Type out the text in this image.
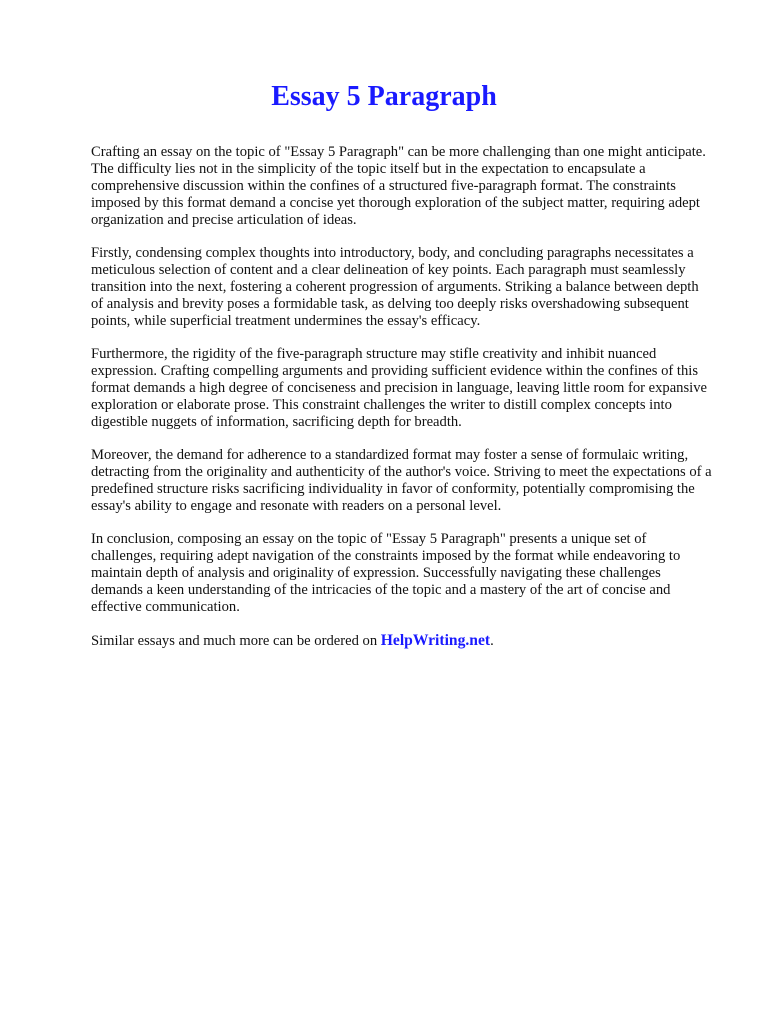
Essay 5 Paragraph

Crafting an essay on the topic of "Essay 5 Paragraph" can be more challenging than one might anticipate. The difficulty lies not in the simplicity of the topic itself but in the expectation to encapsulate a comprehensive discussion within the confines of a structured five-paragraph format. The constraints imposed by this format demand a concise yet thorough exploration of the subject matter, requiring adept organization and precise articulation of ideas.

Firstly, condensing complex thoughts into introductory, body, and concluding paragraphs necessitates a meticulous selection of content and a clear delineation of key points. Each paragraph must seamlessly transition into the next, fostering a coherent progression of arguments. Striking a balance between depth of analysis and brevity poses a formidable task, as delving too deeply risks overshadowing subsequent points, while superficial treatment undermines the essay's efficacy.

Furthermore, the rigidity of the five-paragraph structure may stifle creativity and inhibit nuanced expression. Crafting compelling arguments and providing sufficient evidence within the confines of this format demands a high degree of conciseness and precision in language, leaving little room for expansive exploration or elaborate prose. This constraint challenges the writer to distill complex concepts into digestible nuggets of information, sacrificing depth for breadth.

Moreover, the demand for adherence to a standardized format may foster a sense of formulaic writing, detracting from the originality and authenticity of the author's voice. Striving to meet the expectations of a predefined structure risks sacrificing individuality in favor of conformity, potentially compromising the essay's ability to engage and resonate with readers on a personal level.

In conclusion, composing an essay on the topic of "Essay 5 Paragraph" presents a unique set of challenges, requiring adept navigation of the constraints imposed by the format while endeavoring to maintain depth of analysis and originality of expression. Successfully navigating these challenges demands a keen understanding of the intricacies of the topic and a mastery of the art of concise and effective communication.

Similar essays and much more can be ordered on HelpWriting.net.
